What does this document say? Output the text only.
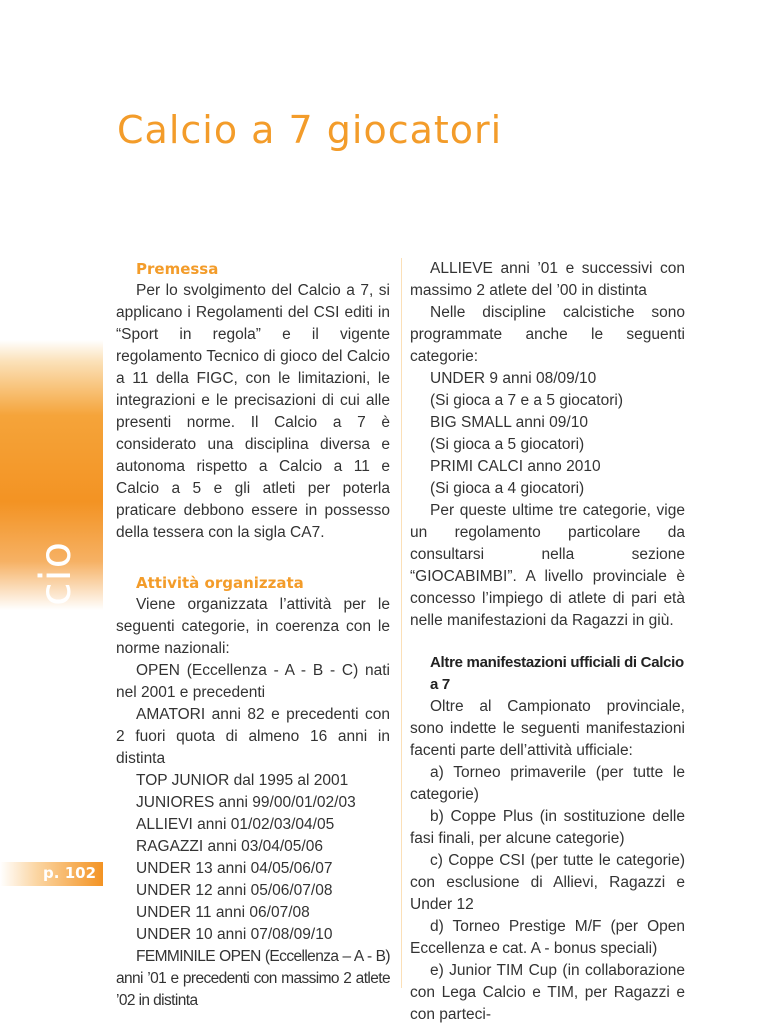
Calcio a 7 giocatori
calcio
p. 102
Premessa

Per lo svolgimento del Calcio a 7, si applicano i Regolamenti del CSI editi in “Sport in regola” e il vigente regolamento Tecnico di gioco del Calcio a 11 della FIGC, con le limitazioni, le integrazioni e le precisazioni di cui alle presenti norme. Il Calcio a 7 è considerato una disciplina diversa e autonoma rispetto a Calcio a 11 e Calcio a 5 e gli atleti per poterla praticare debbono essere in possesso della tessera con la sigla CA7.

Attività organizzata

Viene organizzata l’attività per le seguenti categorie, in coerenza con le norme nazionali:

OPEN (Eccellenza - A - B - C) nati nel 2001 e precedenti

AMATORI anni 82 e precedenti con 2 fuori quota di almeno 16 anni in distinta

TOP JUNIOR dal 1995 al 2001

JUNIORES anni 99/00/01/02/03

ALLIEVI anni 01/02/03/04/05

RAGAZZI anni 03/04/05/06

UNDER 13 anni 04/05/06/07

UNDER 12 anni 05/06/07/08

UNDER 11 anni 06/07/08

UNDER 10 anni 07/08/09/10

FEMMINILE OPEN (Eccellenza – A - B) anni ’01 e precedenti con massimo 2 atlete ’02 in distinta

ALLIEVE anni ’01 e successivi con massimo 2 atlete del ’00 in distinta

Nelle discipline calcistiche sono programmate anche le seguenti categorie:

UNDER 9 anni 08/09/10

(Si gioca a 7 e a 5 giocatori)

BIG SMALL anni 09/10

(Si gioca a 5 giocatori)

PRIMI CALCI anno 2010

(Si gioca a 4 giocatori)

Per queste ultime tre categorie, vige un regolamento particolare da consultarsi nella sezione “GIOCABIMBI”. A livello provinciale è concesso l’impiego di atlete di pari età nelle manifestazioni da Ragazzi in giù.

Altre manifestazioni ufficiali di Calcio a 7

Oltre al Campionato provinciale, sono indette le seguenti manifestazioni facenti parte dell’attività ufficiale:

a) Torneo primaverile (per tutte le categorie)

b) Coppe Plus (in sostituzione delle fasi finali, per alcune categorie)

c) Coppe CSI (per tutte le categorie) con esclusione di Allievi, Ragazzi e Under 12

d) Torneo Prestige M/F (per Open Eccellenza e cat. A - bonus speciali)

e) Junior TIM Cup (in collaborazione con Lega Calcio e TIM, per Ragazzi e con parteci-
